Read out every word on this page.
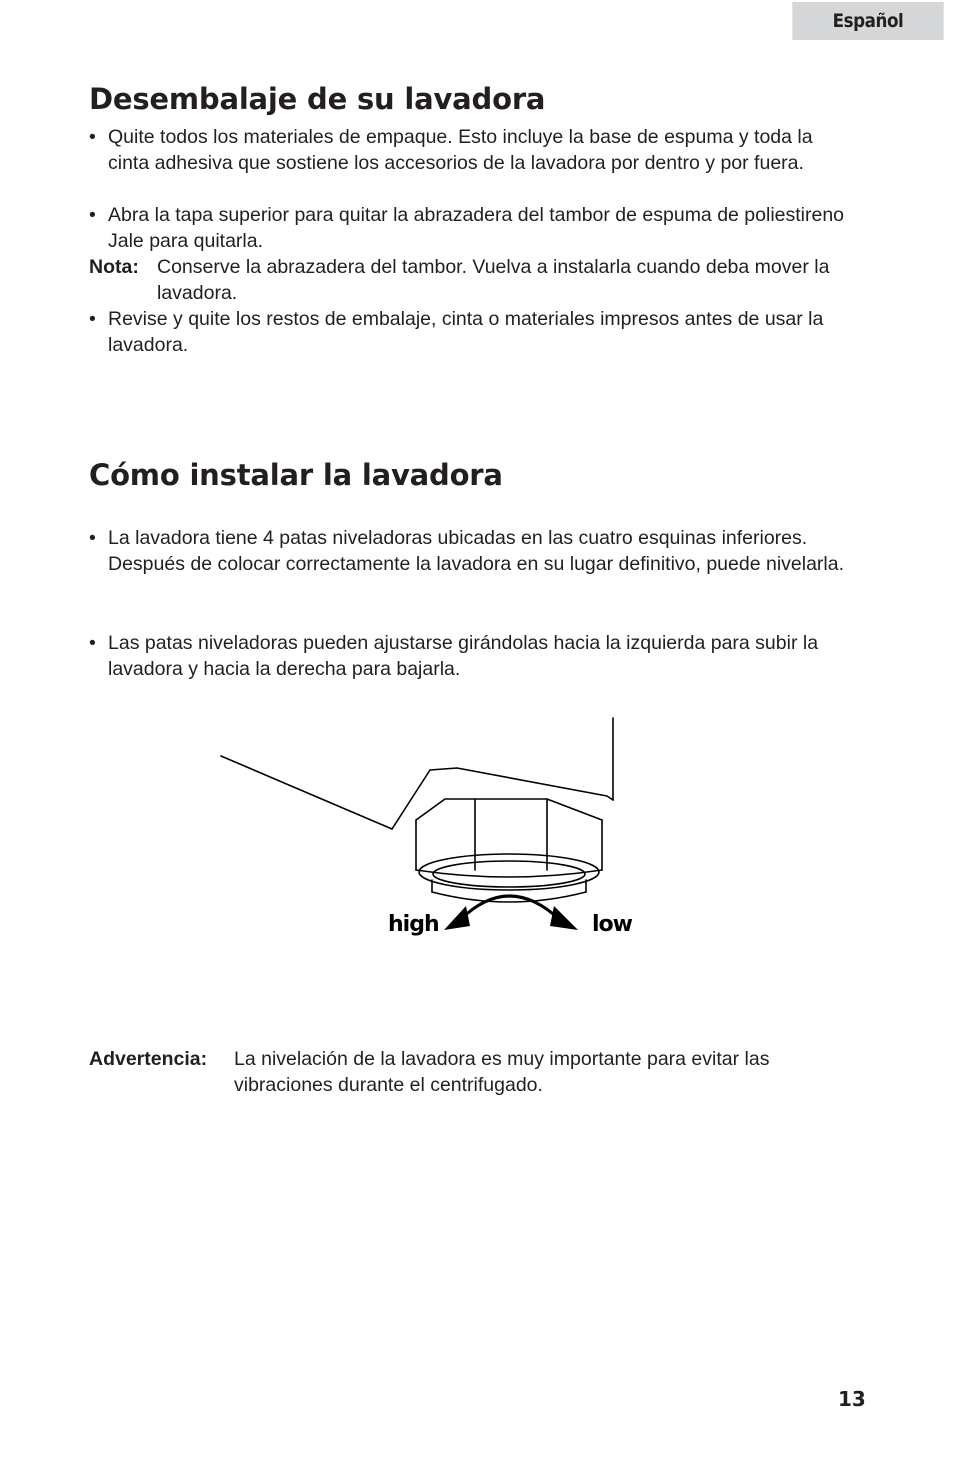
Español
Desembalaje de su lavadora
• Quite todos los materiales de empaque. Esto incluye la base de espuma y toda la cinta adhesiva que sostiene los accesorios de la lavadora por dentro y por fuera.
• Abra la tapa superior para quitar la abrazadera del tambor de espuma de poliestireno Jale para quitarla.
Nota: Conserve la abrazadera del tambor. Vuelva a instalarla cuando deba mover la lavadora.
• Revise y quite los restos de embalaje, cinta o materiales impresos antes de usar la lavadora.
Cómo instalar la lavadora
• La lavadora tiene 4 patas niveladoras ubicadas en las cuatro esquinas inferiores. Después de colocar correctamente la lavadora en su lugar definitivo, puede nivelarla.
• Las patas niveladoras pueden ajustarse girándolas hacia la izquierda para subir la lavadora y hacia la derecha para bajarla.
high	low
Advertencia: La nivelación de la lavadora es muy importante para evitar las vibraciones durante el centrifugado.
13
